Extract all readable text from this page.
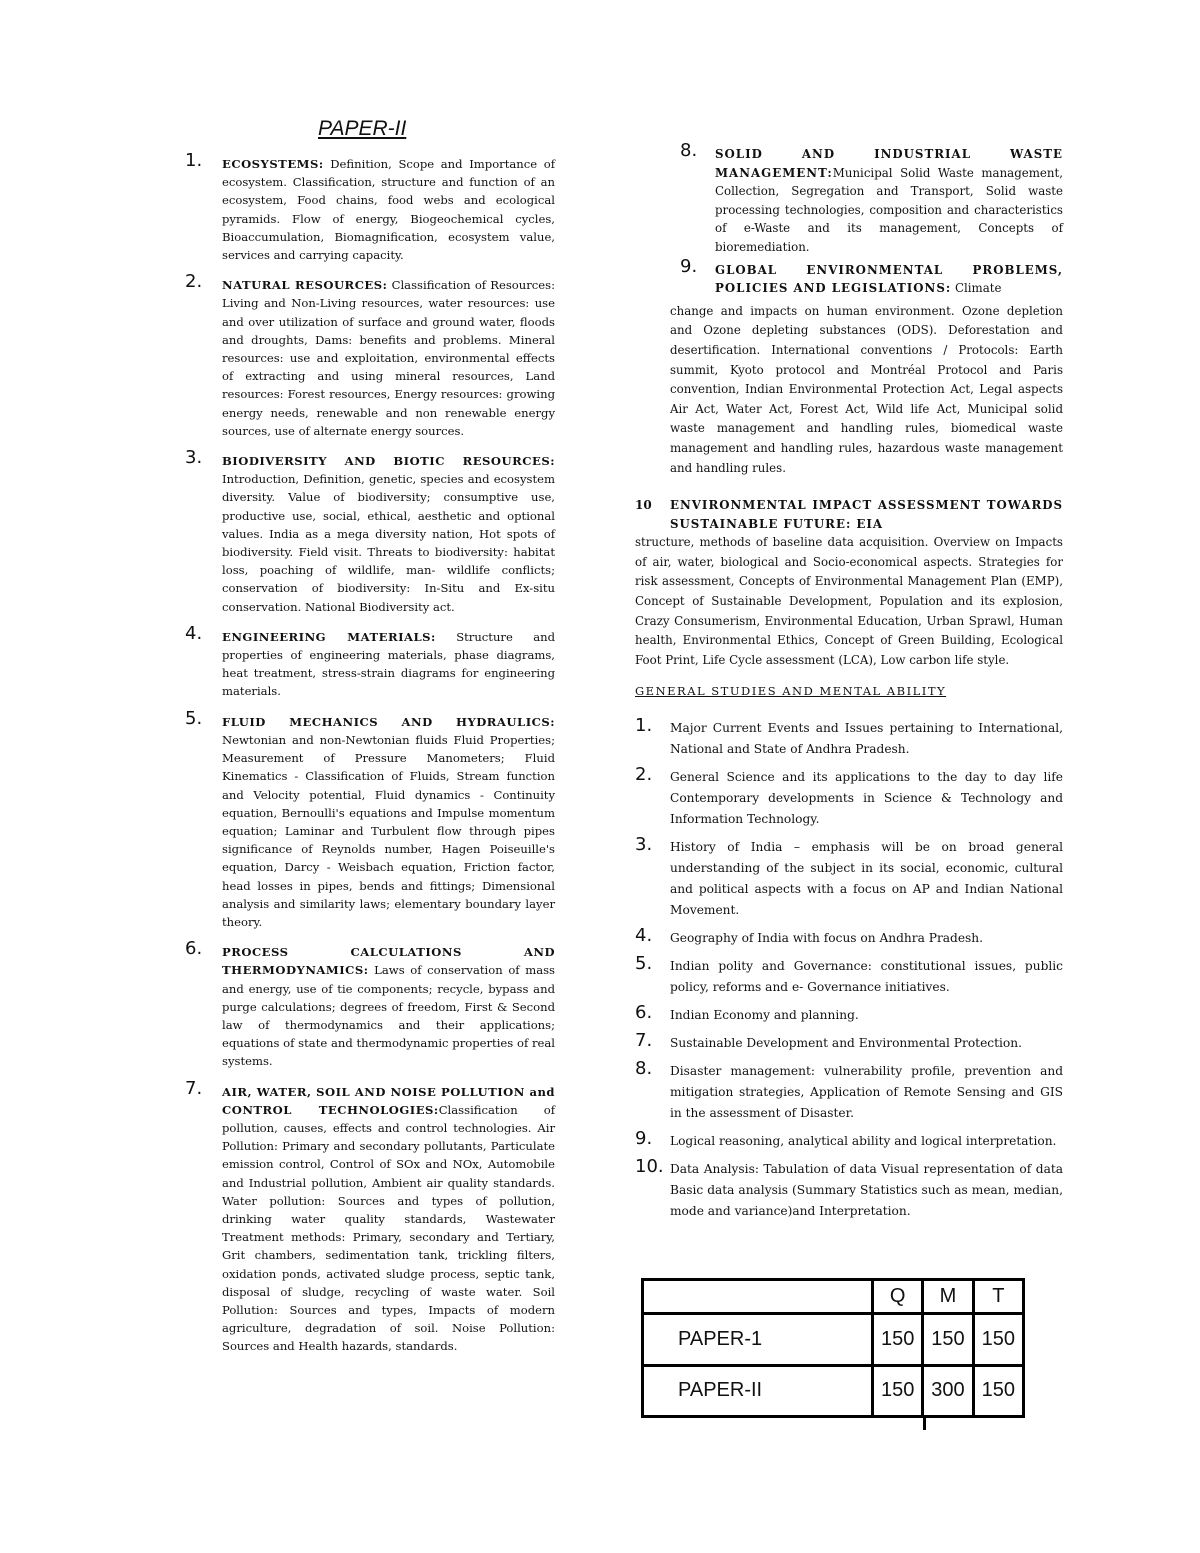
PAPER-II
1. ECOSYSTEMS: Definition, Scope and Importance of ecosystem. Classification, structure and function of an ecosystem, Food chains, food webs and ecological pyramids. Flow of energy, Biogeochemical cycles, Bioaccumulation, Biomagnification, ecosystem value, services and carrying capacity.
2. NATURAL RESOURCES: Classification of Resources: Living and Non-Living resources, water resources: use and over utilization of surface and ground water, floods and droughts, Dams: benefits and problems. Mineral resources: use and exploitation, environmental effects of extracting and using mineral resources, Land resources: Forest resources, Energy resources: growing energy needs, renewable and non renewable energy sources, use of alternate energy sources.
3. BIODIVERSITY AND BIOTIC RESOURCES: Introduction, Definition, genetic, species and ecosystem diversity. Value of biodiversity; consumptive use, productive use, social, ethical, aesthetic and optional values. India as a mega diversity nation, Hot spots of biodiversity. Field visit. Threats to biodiversity: habitat loss, poaching of wildlife, man- wildlife conflicts; conservation of biodiversity: In-Situ and Ex-situ conservation. National Biodiversity act.
4. ENGINEERING MATERIALS: Structure and properties of engineering materials, phase diagrams, heat treatment, stress-strain diagrams for engineering materials.
5. FLUID MECHANICS AND HYDRAULICS: Newtonian and non-Newtonian fluids Fluid Properties; Measurement of Pressure Manometers; Fluid Kinematics - Classification of Fluids, Stream function and Velocity potential, Fluid dynamics - Continuity equation, Bernoulli's equations and Impulse momentum equation; Laminar and Turbulent flow through pipes significance of Reynolds number, Hagen Poiseuille's equation, Darcy - Weisbach equation, Friction factor, head losses in pipes, bends and fittings; Dimensional analysis and similarity laws; elementary boundary layer theory.
6. PROCESS CALCULATIONS AND THERMODYNAMICS: Laws of conservation of mass and energy, use of tie components; recycle, bypass and purge calculations; degrees of freedom, First & Second law of thermodynamics and their applications; equations of state and thermodynamic properties of real systems.
7. AIR, WATER, SOIL AND NOISE POLLUTION and CONTROL TECHNOLOGIES:Classification of pollution, causes, effects and control technologies. Air Pollution: Primary and secondary pollutants, Particulate emission control, Control of SOx and NOx, Automobile and Industrial pollution, Ambient air quality standards. Water pollution: Sources and types of pollution, drinking water quality standards, Wastewater Treatment methods: Primary, secondary and Tertiary, Grit chambers, sedimentation tank, trickling filters, oxidation ponds, activated sludge process, septic tank, disposal of sludge, recycling of waste water. Soil Pollution: Sources and types, Impacts of modern agriculture, degradation of soil. Noise Pollution: Sources and Health hazards, standards.
8. SOLID AND INDUSTRIAL WASTE MANAGEMENT:Municipal Solid Waste management, Collection, Segregation and Transport, Solid waste processing technologies, composition and characteristics of e-Waste and its management, Concepts of bioremediation.
9. GLOBAL ENVIRONMENTAL PROBLEMS, POLICIES AND LEGISLATIONS: Climate
change and impacts on human environment. Ozone depletion and Ozone depleting substances (ODS). Deforestation and desertification. International conventions / Protocols: Earth summit, Kyoto protocol and Montréal Protocol and Paris convention, Indian Environmental Protection Act, Legal aspects Air Act, Water Act, Forest Act, Wild life Act, Municipal solid waste management and handling rules, biomedical waste management and handling rules, hazardous waste management and handling rules.
10 ENVIRONMENTAL IMPACT ASSESSMENT TOWARDS SUSTAINABLE FUTURE: EIA
structure, methods of baseline data acquisition. Overview on Impacts of air, water, biological and Socio-economical aspects. Strategies for risk assessment, Concepts of Environmental Management Plan (EMP), Concept of Sustainable Development, Population and its explosion, Crazy Consumerism, Environmental Education, Urban Sprawl, Human health, Environmental Ethics, Concept of Green Building, Ecological Foot Print, Life Cycle assessment (LCA), Low carbon life style.
GENERAL STUDIES AND MENTAL ABILITY
1. Major Current Events and Issues pertaining to International, National and State of Andhra Pradesh.
2. General Science and its applications to the day to day life Contemporary developments in Science & Technology and Information Technology.
3. History of India – emphasis will be on broad general understanding of the subject in its social, economic, cultural and political aspects with a focus on AP and Indian National Movement.
4. Geography of India with focus on Andhra Pradesh.
5. Indian polity and Governance: constitutional issues, public policy, reforms and e- Governance initiatives.
6. Indian Economy and planning.
7. Sustainable Development and Environmental Protection.
8. Disaster management: vulnerability profile, prevention and mitigation strategies, Application of Remote Sensing and GIS in the assessment of Disaster.
9. Logical reasoning, analytical ability and logical interpretation.
10. Data Analysis: Tabulation of data Visual representation of data Basic data analysis (Summary Statistics such as mean, median, mode and variance)and Interpretation.
	Q	M	T
PAPER-1	150	150	150
PAPER-II	150	300	150
